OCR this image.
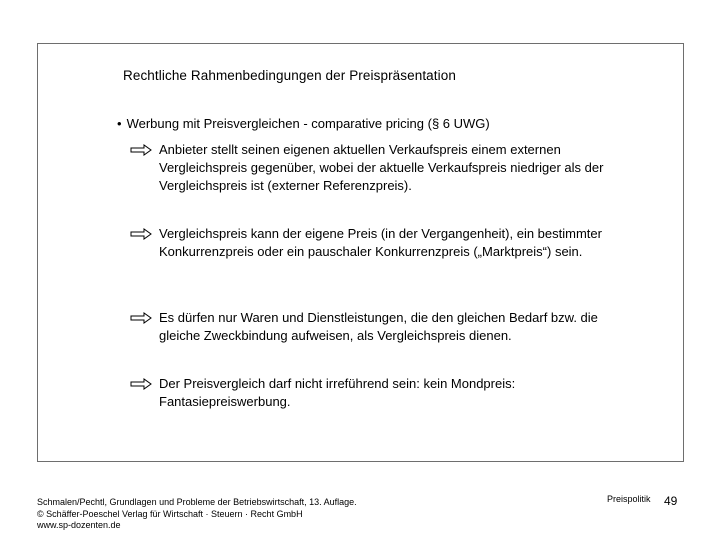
Rechtliche Rahmenbedingungen der Preispräsentation
• Werbung mit Preisvergleichen - comparative pricing (§ 6 UWG)
Anbieter stellt seinen eigenen aktuellen Verkaufspreis einem externen Vergleichspreis gegenüber, wobei der aktuelle Verkaufspreis niedriger als der Vergleichspreis ist (externer Referenzpreis).
Vergleichspreis kann der eigene Preis (in der Vergangenheit), ein bestimmter Konkurrenzpreis oder ein pauschaler Konkurrenzpreis („Marktpreis“) sein.
Es dürfen nur Waren und Dienstleistungen, die den gleichen Bedarf bzw. die gleiche Zweckbindung aufweisen, als Vergleichspreis dienen.
Der Preisvergleich darf nicht irreführend sein: kein Mondpreis: Fantasiepreiswerbung.
Schmalen/Pechtl, Grundlagen und Probleme der Betriebswirtschaft, 13. Auflage.
© Schäffer-Poeschel Verlag für Wirtschaft · Steuern · Recht GmbH
www.sp-dozenten.de
Preispolitik 49
